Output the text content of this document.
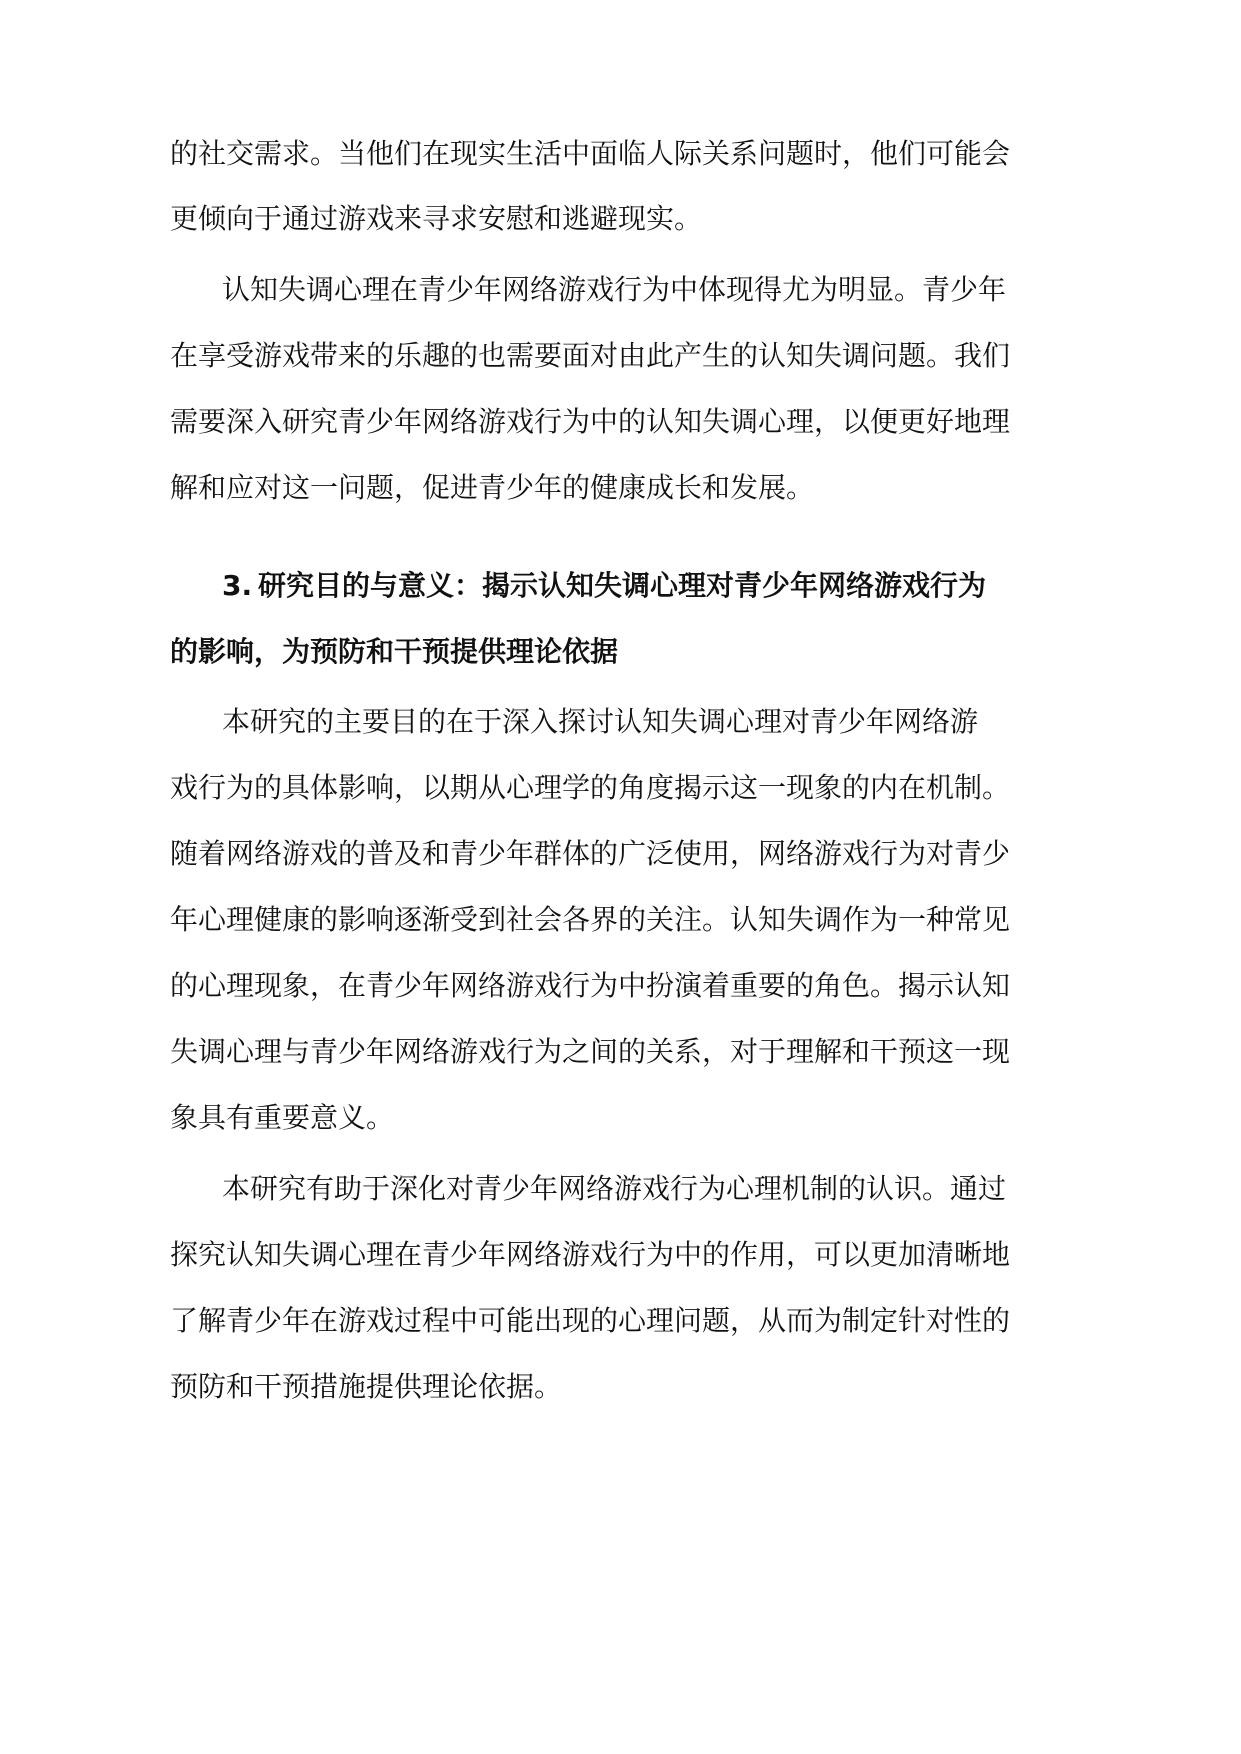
的社交需求。当他们在现实生活中面临人际关系问题时，他们可能会
更倾向于通过游戏来寻求安慰和逃避现实。
认知失调心理在青少年网络游戏行为中体现得尤为明显。青少年
在享受游戏带来的乐趣的也需要面对由此产生的认知失调问题。我们
需要深入研究青少年网络游戏行为中的认知失调心理，以便更好地理
解和应对这一问题，促进青少年的健康成长和发展。
3. 研究目的与意义：揭示认知失调心理对青少年网络游戏行为
的影响，为预防和干预提供理论依据
本研究的主要目的在于深入探讨认知失调心理对青少年网络游
戏行为的具体影响，以期从心理学的角度揭示这一现象的内在机制。
随着网络游戏的普及和青少年群体的广泛使用，网络游戏行为对青少
年心理健康的影响逐渐受到社会各界的关注。认知失调作为一种常见
的心理现象，在青少年网络游戏行为中扮演着重要的角色。揭示认知
失调心理与青少年网络游戏行为之间的关系，对于理解和干预这一现
象具有重要意义。
本研究有助于深化对青少年网络游戏行为心理机制的认识。通过
探究认知失调心理在青少年网络游戏行为中的作用，可以更加清晰地
了解青少年在游戏过程中可能出现的心理问题，从而为制定针对性的
预防和干预措施提供理论依据。
